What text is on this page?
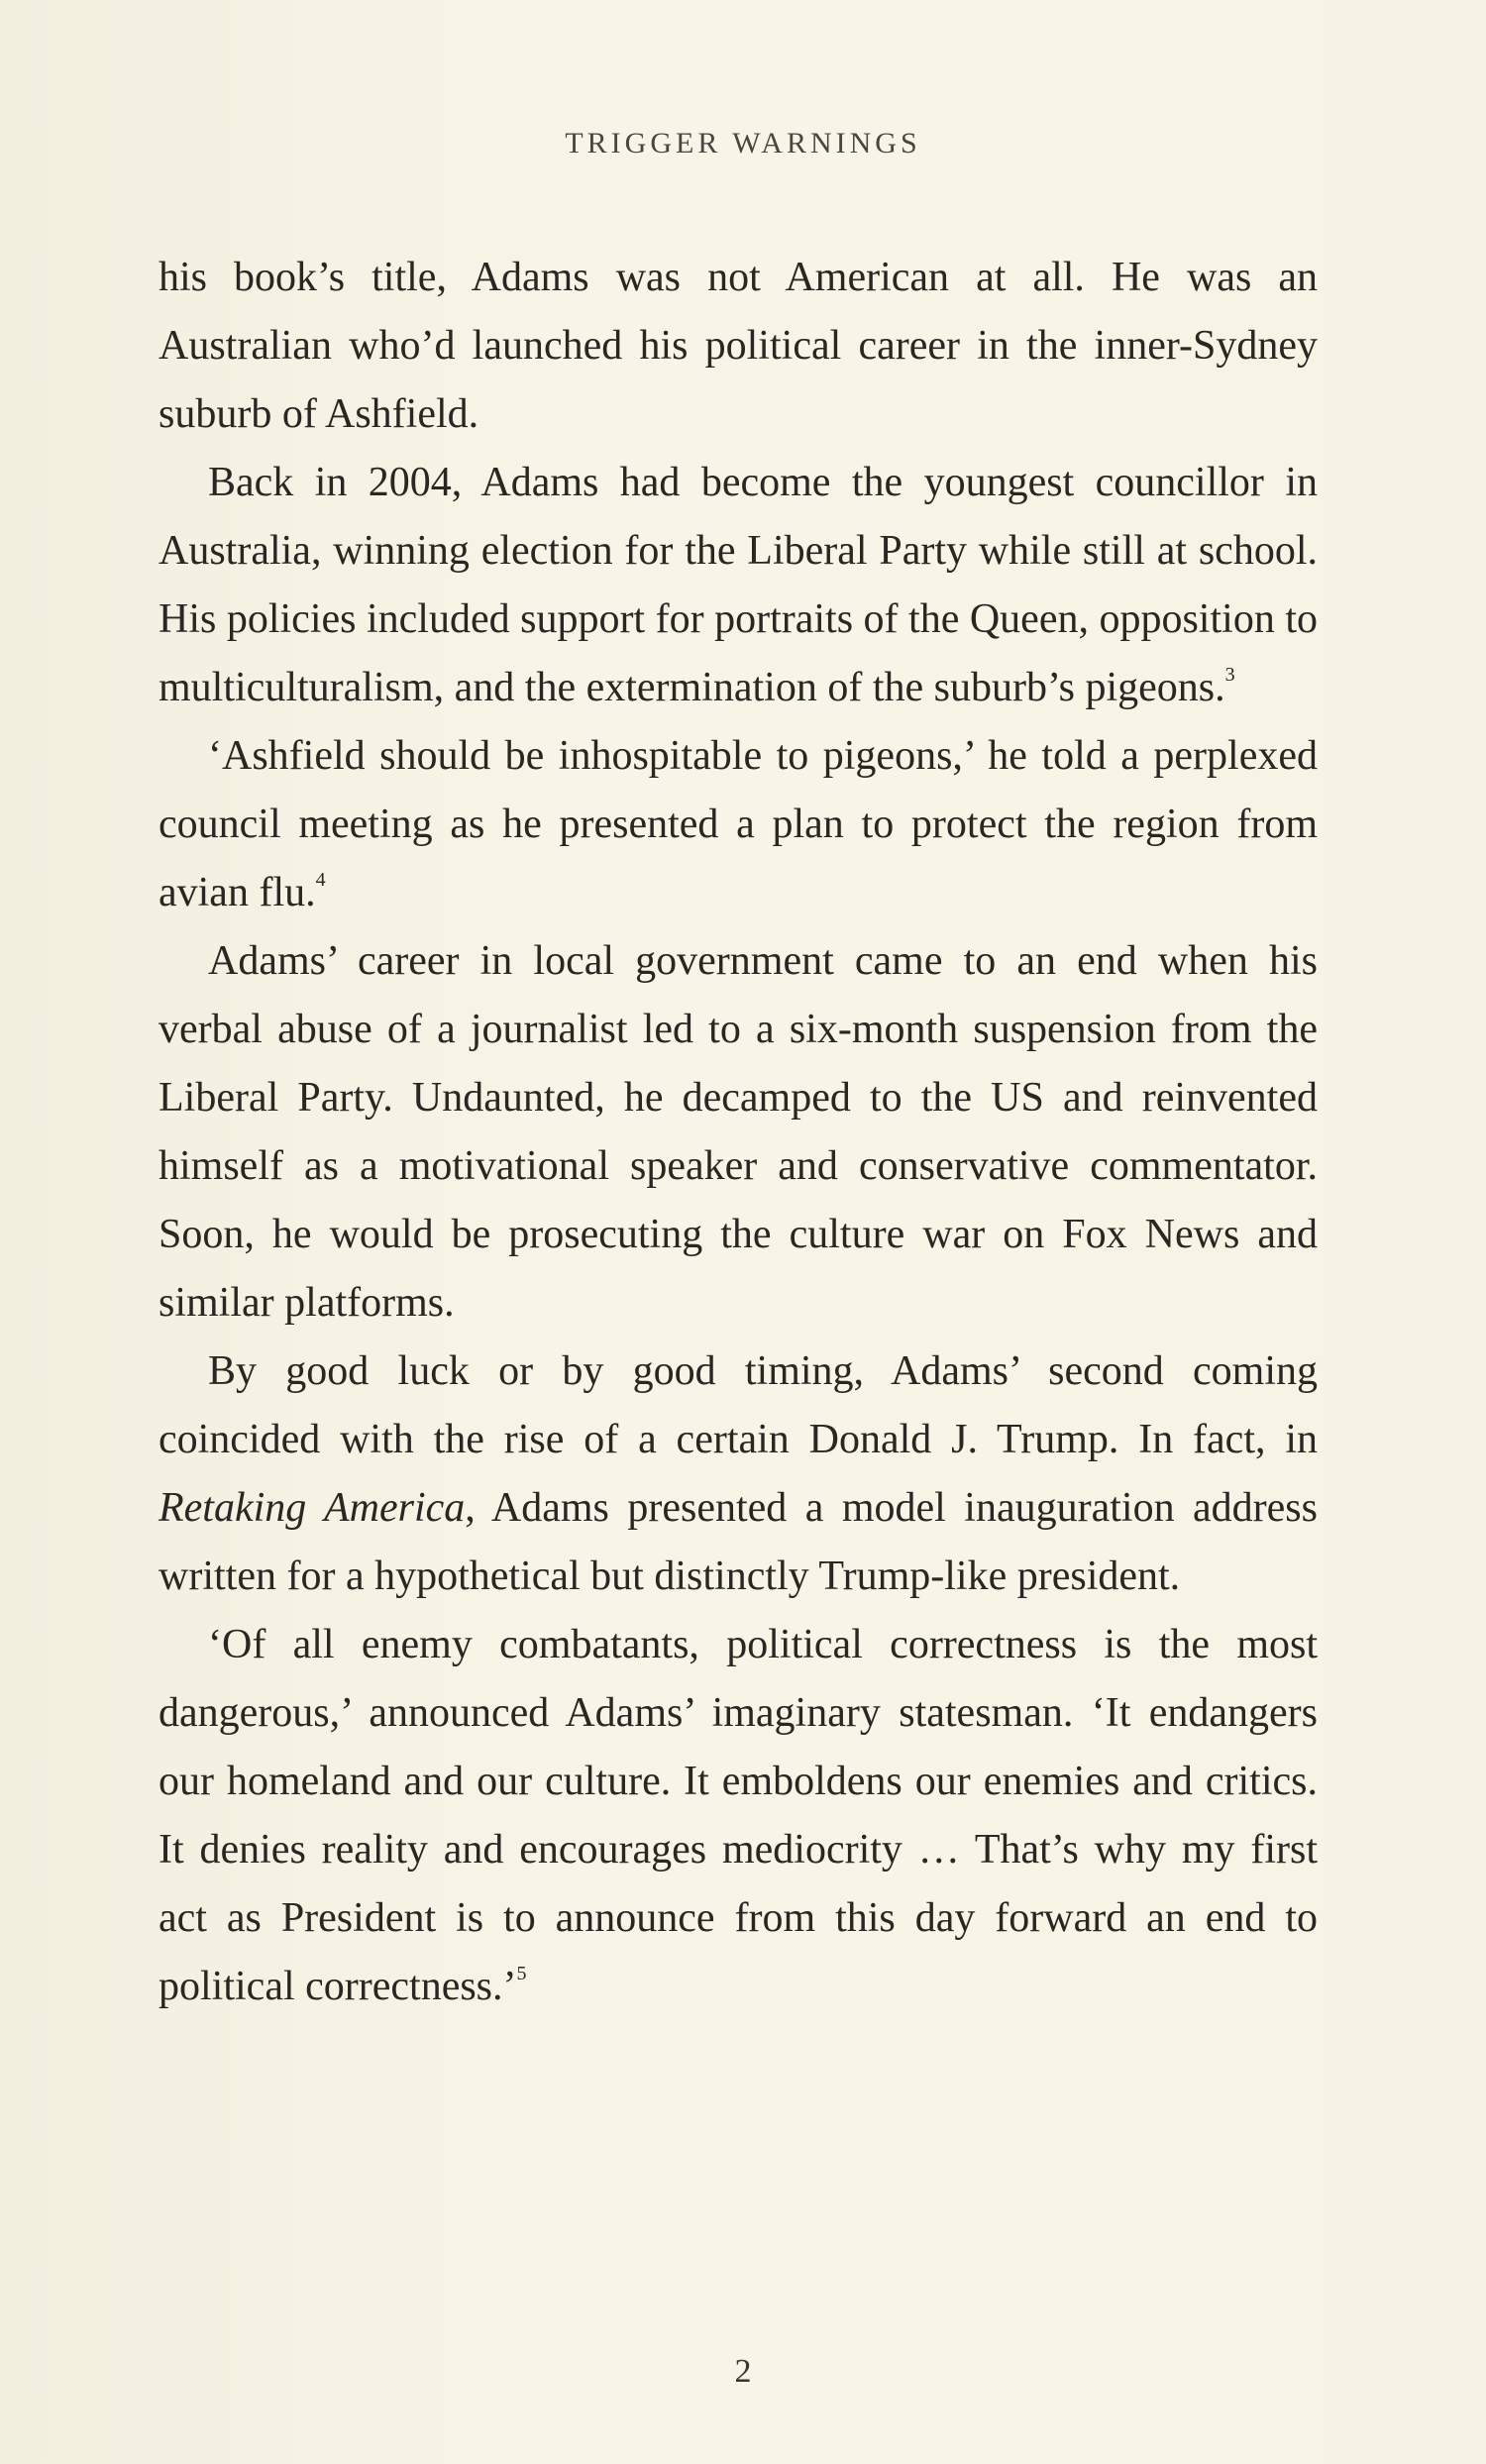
TRIGGER WARNINGS

his book’s title, Adams was not American at all. He was an Australian who’d launched his political career in the inner-Sydney suburb of Ashfield.

Back in 2004, Adams had become the youngest councillor in Australia, winning election for the Liberal Party while still at school. His policies included support for portraits of the Queen, opposition to multiculturalism, and the extermination of the suburb’s pigeons.$^3$

‘Ashfield should be inhospitable to pigeons,’ he told a perplexed council meeting as he presented a plan to protect the region from avian flu.$^4$

Adams’ career in local government came to an end when his verbal abuse of a journalist led to a six-month suspension from the Liberal Party. Undaunted, he decamped to the US and reinvented himself as a motivational speaker and conservative commentator. Soon, he would be prosecuting the culture war on Fox News and similar platforms.

By good luck or by good timing, Adams’ second coming coincided with the rise of a certain Donald J. Trump. In fact, in Retaking America, Adams presented a model inauguration address written for a hypothetical but distinctly Trump-like president.

‘Of all enemy combatants, political correctness is the most dangerous,’ announced Adams’ imaginary statesman. ‘It endangers our homeland and our culture. It emboldens our enemies and critics. It denies reality and encourages mediocrity … That’s why my first act as President is to announce from this day forward an end to political correctness.’$^5$

2
